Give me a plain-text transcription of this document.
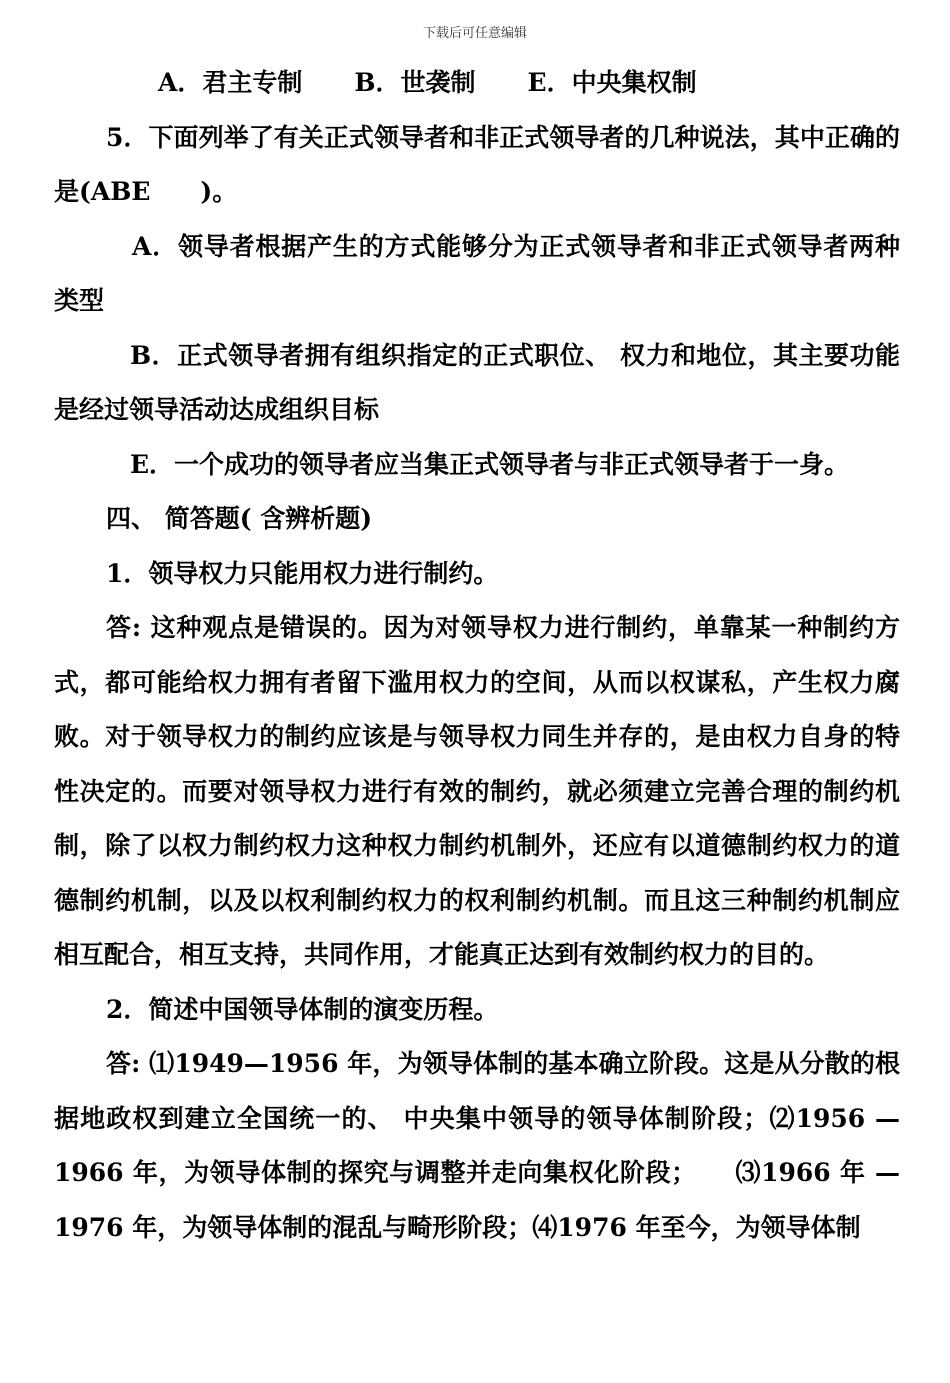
下载后可任意编辑

A．君主专制 B．世袭制 E．中央集权制

5．下面列举了有关正式领导者和非正式领导者的几种说法，其中正确的是(ABE　　)。

A．领导者根据产生的方式能够分为正式领导者和非正式领导者两种类型

B．正式领导者拥有组织指定的正式职位、 权力和地位，其主要功能是经过领导活动达成组织目标

E．一个成功的领导者应当集正式领导者与非正式领导者于一身。

四、 简答题( 含辨析题)

1．领导权力只能用权力进行制约。

答: 这种观点是错误的。因为对领导权力进行制约，单靠某一种制约方式，都可能给权力拥有者留下滥用权力的空间，从而以权谋私，产生权力腐败。对于领导权力的制约应该是与领导权力同生并存的，是由权力自身的特性决定的。而要对领导权力进行有效的制约，就必须建立完善合理的制约机制，除了以权力制约权力这种权力制约机制外，还应有以道德制约权力的道德制约机制，以及以权利制约权力的权利制约机制。而且这三种制约机制应相互配合，相互支持，共同作用，才能真正达到有效制约权力的目的。

2．简述中国领导体制的演变历程。

答: ⑴1949—1956 年，为领导体制的基本确立阶段。这是从分散的根据地政权到建立全国统一的、 中央集中领导的领导体制阶段；⑵1956 —1966 年，为领导体制的探究与调整并走向集权化阶段；　　⑶1966 年 —1976 年，为领导体制的混乱与畸形阶段；⑷1976 年至今，为领导体制
